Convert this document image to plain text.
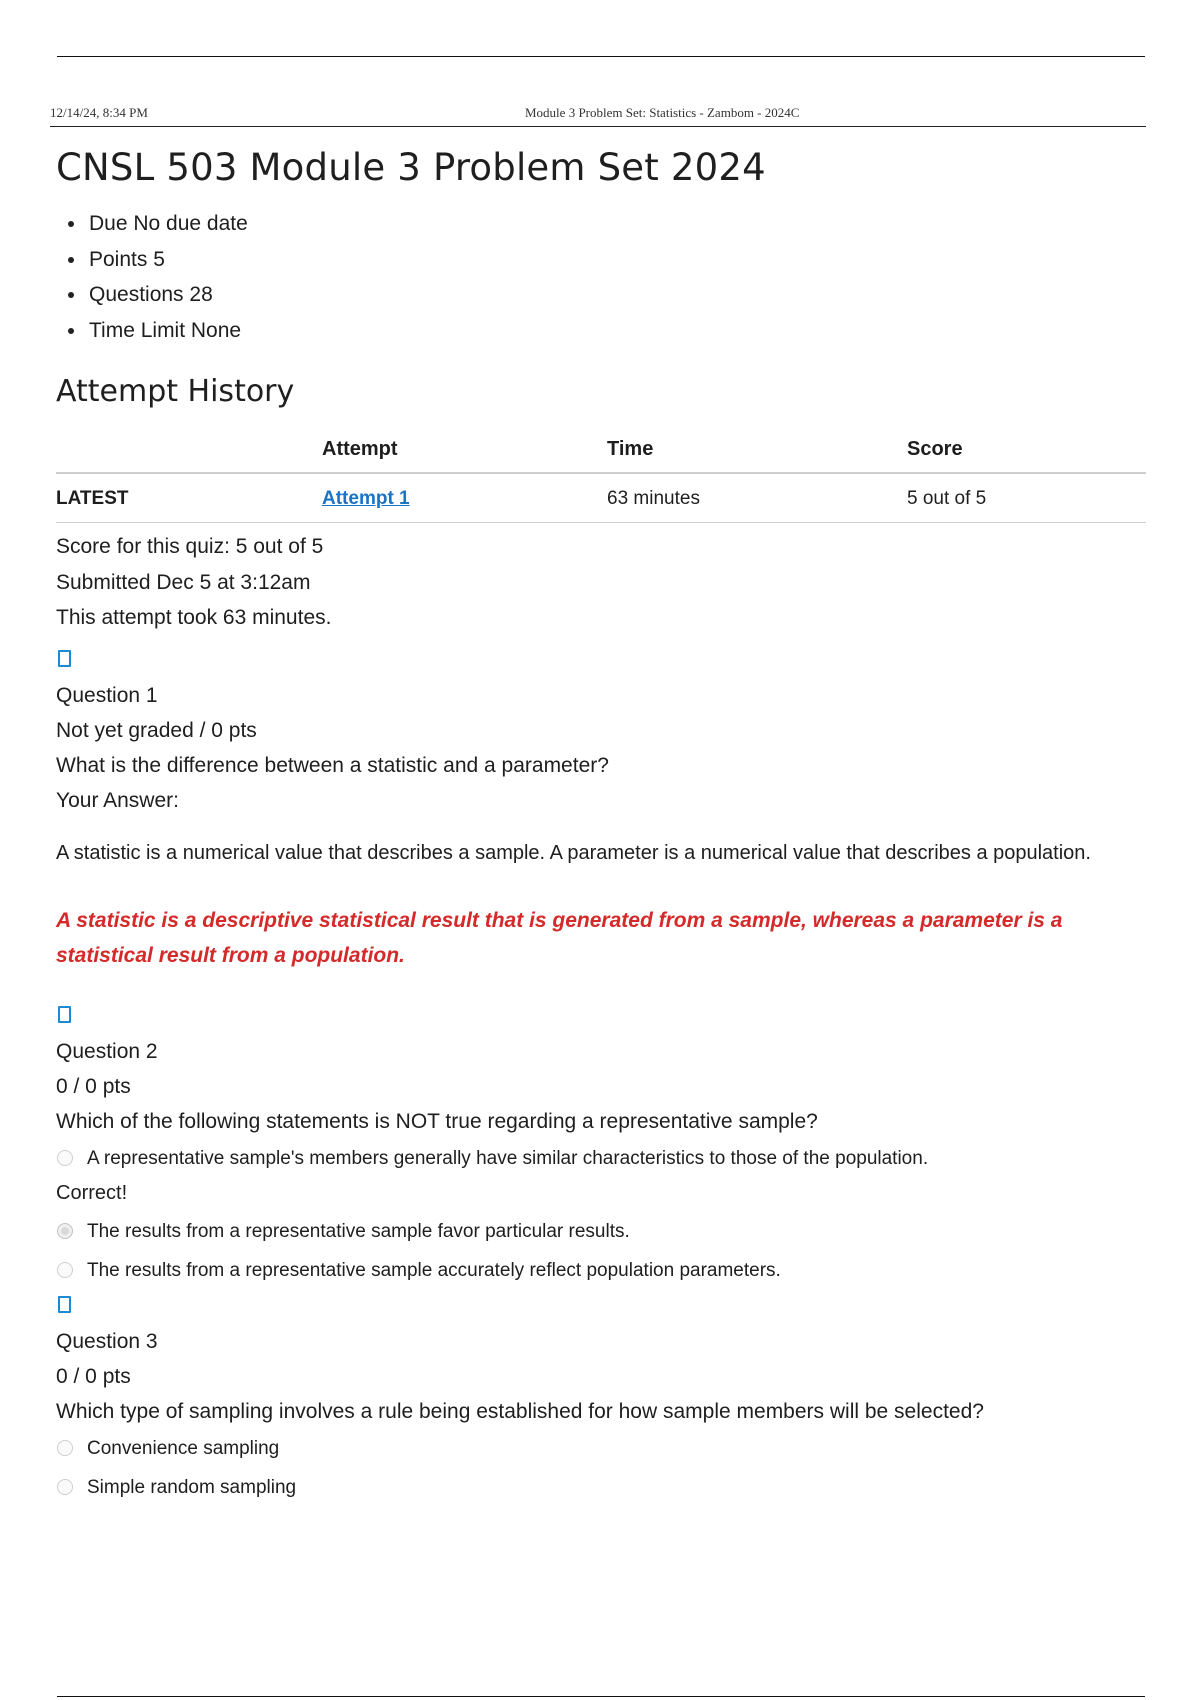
12/14/24, 8:34 PM	Module 3 Problem Set: Statistics - Zambom - 2024C
CNSL 503 Module 3 Problem Set 2024
Due No due date
Points 5
Questions 28
Time Limit None
Attempt History
	Attempt	Time	Score
LATEST	Attempt 1	63 minutes	5 out of 5

Score for this quiz: 5 out of 5

Submitted Dec 5 at 3:12am

This attempt took 63 minutes.

Question 1

Not yet graded / 0 pts

What is the difference between a statistic and a parameter?

Your Answer:

A statistic is a numerical value that describes a sample. A parameter is a numerical value that describes a population.

A statistic is a descriptive statistical result that is generated from a sample, whereas a parameter is a statistical result from a population.

Question 2

0 / 0 pts

Which of the following statements is NOT true regarding a representative sample?

A representative sample's members generally have similar characteristics to those of the population.

Correct!

The results from a representative sample favor particular results.

The results from a representative sample accurately reflect population parameters.

Question 3

0 / 0 pts

Which type of sampling involves a rule being established for how sample members will be selected?

Convenience sampling

Simple random sampling
